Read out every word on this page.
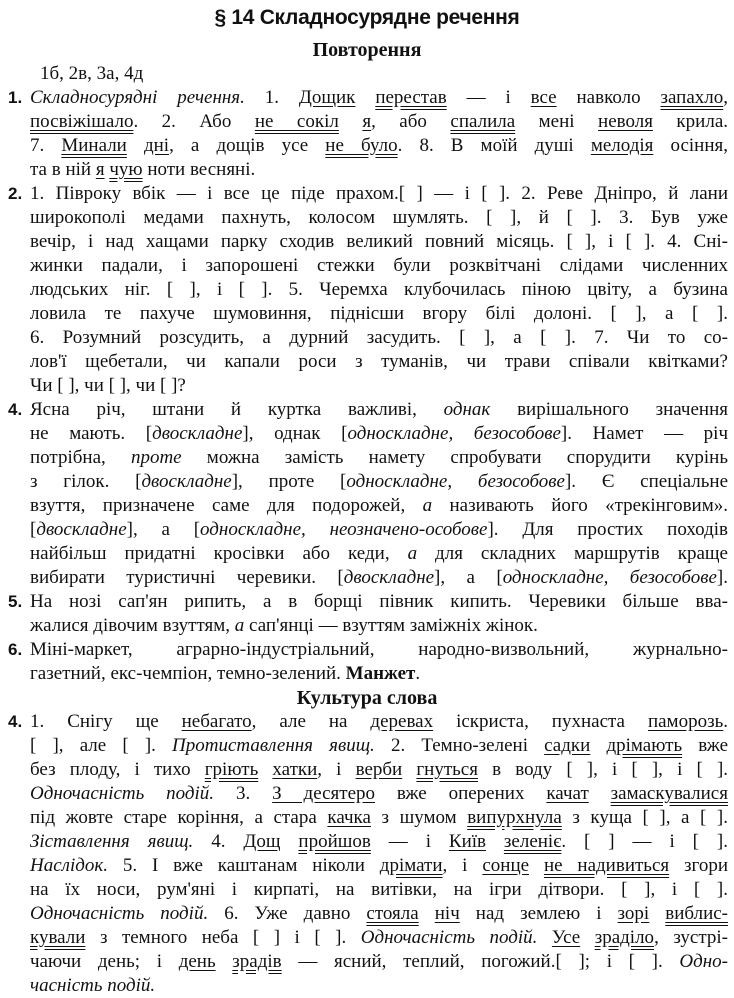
§ 14 Складносурядне речення
Повторення
1б, 2в, 3а, 4д
1. Складносурядні речення. 1. Дощик перестав — і все навколо запахло,
посвіжішало. 2. Або не сокіл я, або спалила мені неволя крила.
7. Минали дні, а дощів усе не було. 8. В моїй душі мелодія осіння,
та в ній я чую ноти весняні.
2. 1. Півроку вбік — і все це піде прахом.[ ] — і [ ]. 2. Реве Дніпро, й лани
широкополі медами пахнуть, колосом шумлять. [ ], й [ ]. 3. Був уже
вечір, і над хащами парку сходив великий повний місяць. [ ], і [ ]. 4. Сні-
жинки падали, і запорошені стежки були розквітчані слідами численних
людських ніг. [ ], і [ ]. 5. Черемха клубочилась піною цвіту, а бузина
ловила те пахуче шумовиння, піднісши вгору білі долоні. [ ], а [ ].
6. Розумний розсудить, а дурний засудить. [ ], а [ ]. 7. Чи то со-
лов'ї щебетали, чи капали роси з туманів, чи трави співали квітками?
Чи [ ], чи [ ], чи [ ]?
4. Ясна річ, штани й куртка важливі, однак вирішального значення
не мають. [двоскладне], однак [односкладне, безособове]. Намет — річ
потрібна, проте можна замість намету спробувати спорудити курінь
з гілок. [двоскладне], проте [односкладне, безособове]. Є спеціальне
взуття, призначене саме для подорожей, а називають його «трекінговим».
[двоскладне], а [односкладне, неозначено-особове]. Для простих походів
найбільш придатні кросівки або кеди, а для складних маршрутів краще
вибирати туристичні черевики. [двоскладне], а [односкладне, безособове].
5. На нозі сап'ян рипить, а в борщі півник кипить. Черевики більше вва-
жалися дівочим взуттям, а сап'янці — взуттям заміжніх жінок.
6. Міні-маркет, аграрно-індустріальний, народно-визвольний, журнально-
газетний, екс-чемпіон, темно-зелений. Манжет.
Культура слова
4. 1. Снігу ще небагато, але на деревах іскриста, пухнаста паморозь.
[ ], але [ ]. Протиставлення явищ. 2. Темно-зелені садки дрімають вже
без плоду, і тихо гріють хатки, і верби гнуться в воду [ ], і [ ], і [ ].
Одночасність подій. 3. З десятеро вже оперених качат замаскувалися
під жовте старе коріння, а стара качка з шумом випурхнула з куща [ ], а [ ].
Зіставлення явищ. 4. Дощ пройшов — і Київ зеленіє. [ ] — і [ ].
Наслідок. 5. І вже каштанам ніколи дрімати, і сонце не надивиться згори
на їх носи, рум'яні і кирпаті, на витівки, на ігри дітвори. [ ], і [ ].
Одночасність подій. 6. Уже давно стояла ніч над землею і зорі виблис-
кували з темного неба [ ] і [ ]. Одночасність подій. Усе зраділо, зустрі-
чаючи день; і день зрадів — ясний, теплий, погожий.[ ]; і [ ]. Одно-
часність подій.
